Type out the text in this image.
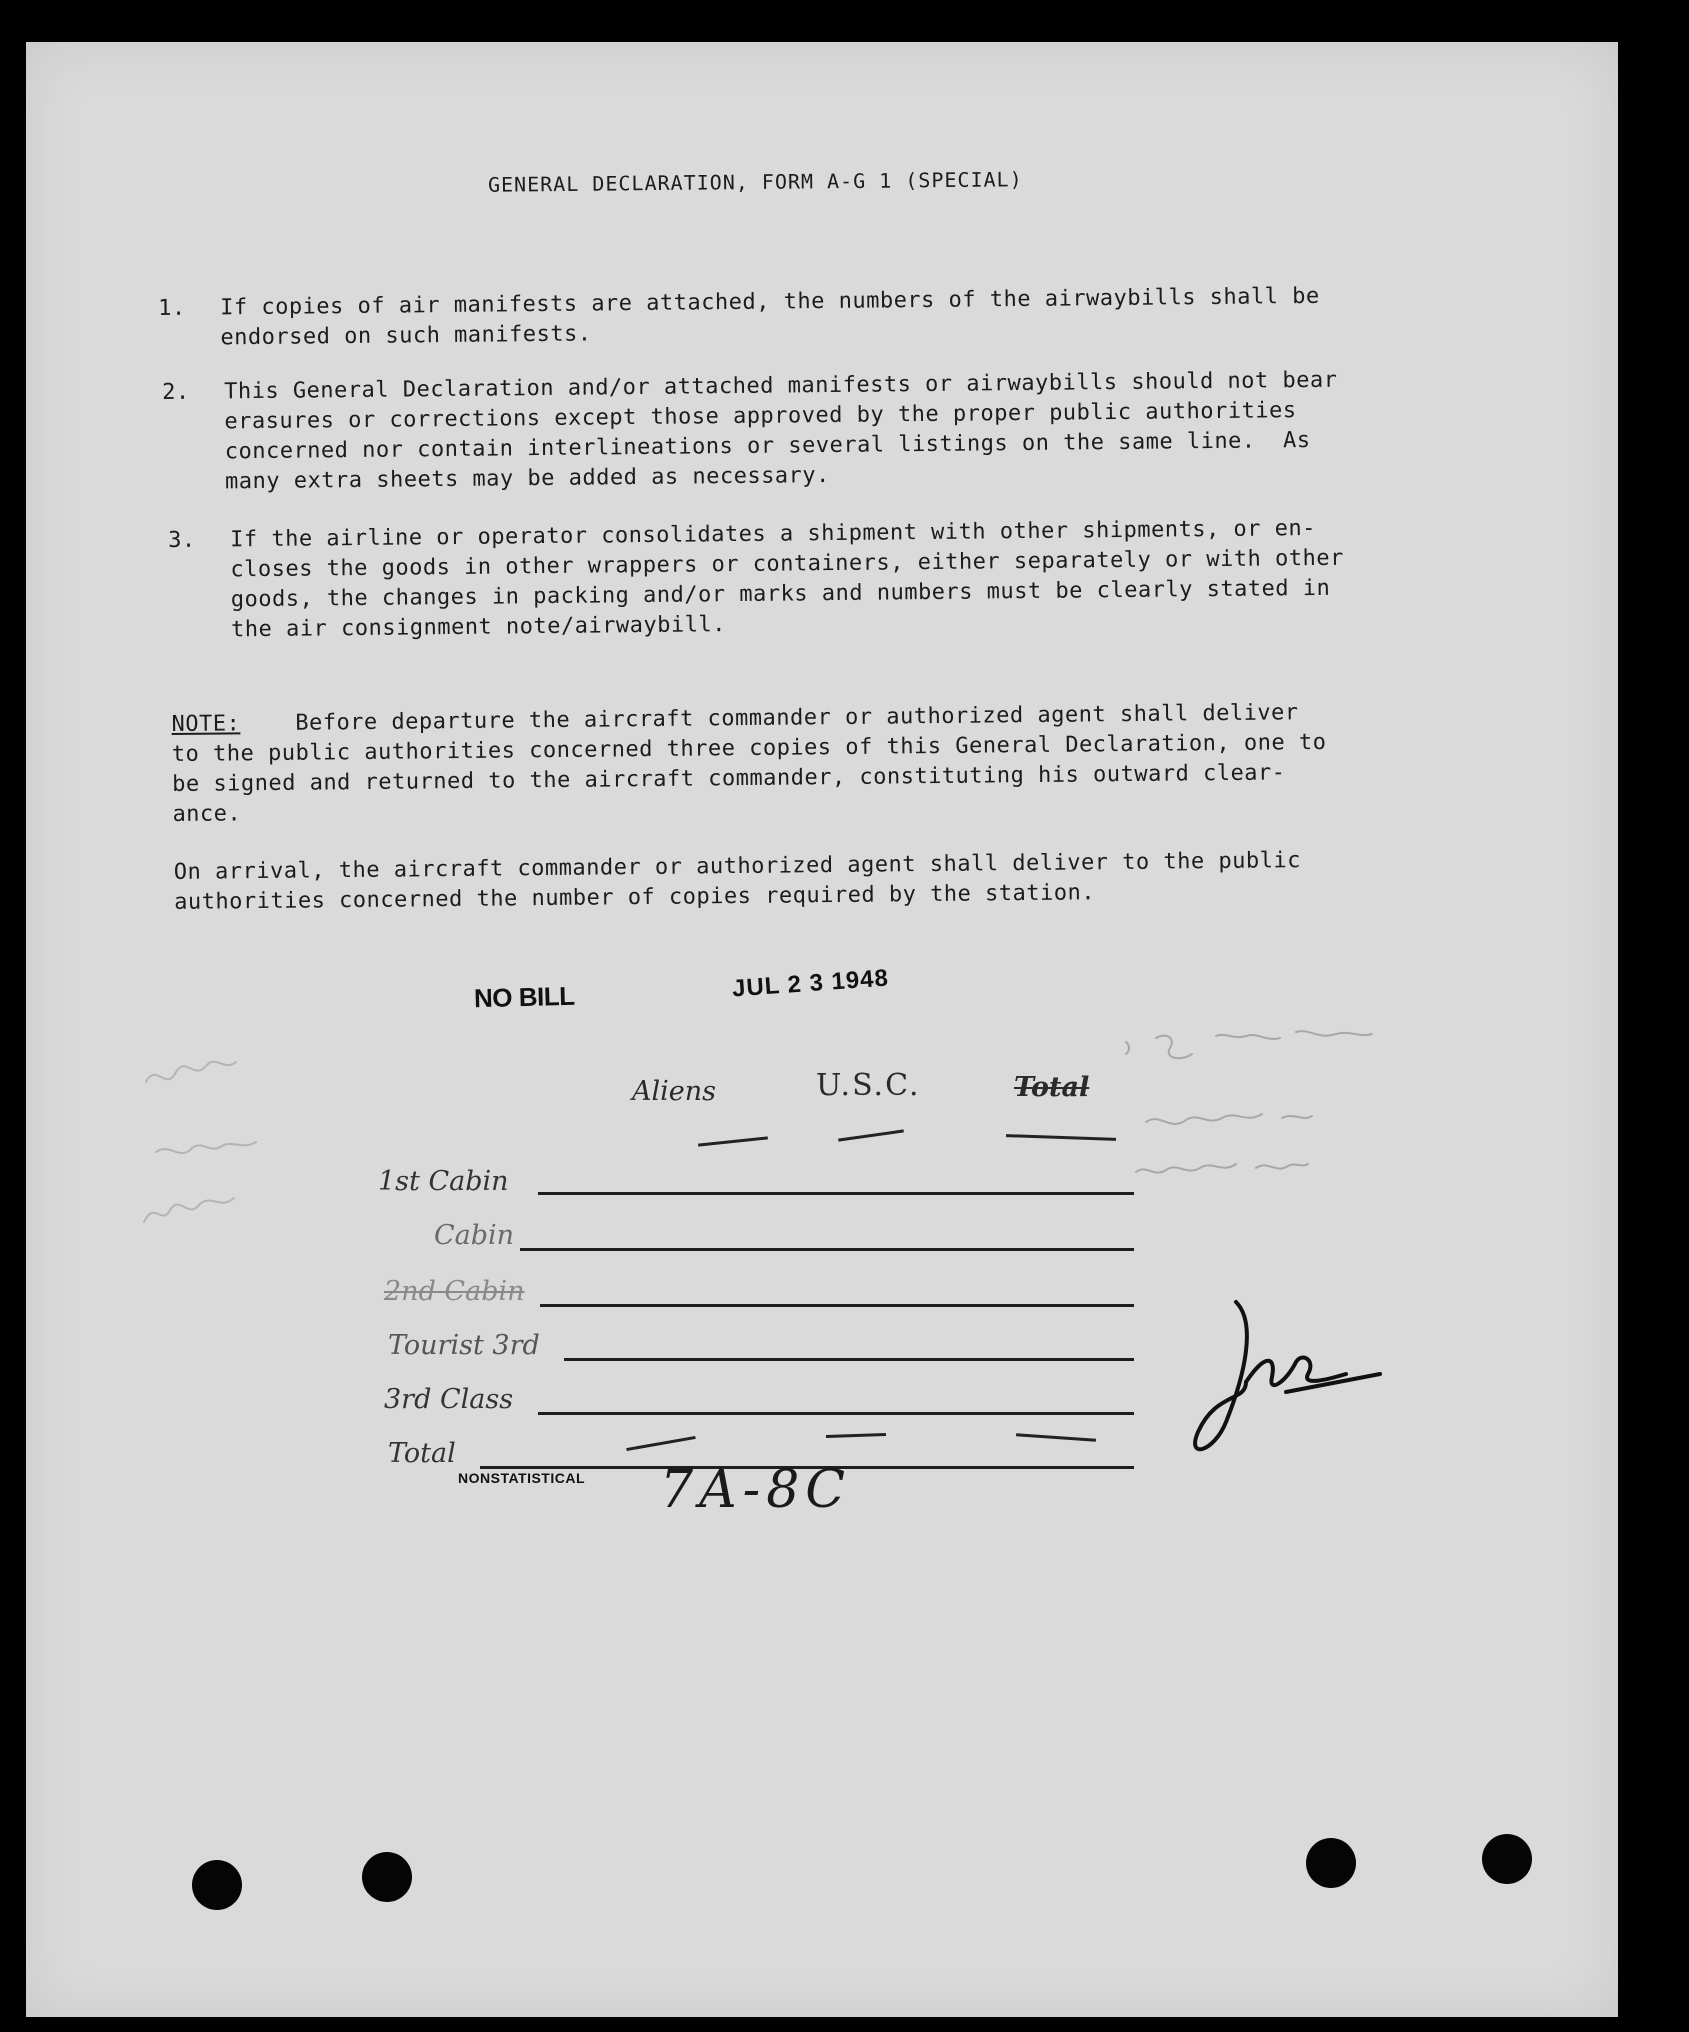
GENERAL DECLARATION, FORM A-G 1 (SPECIAL)
1. If copies of air manifests are attached, the numbers of the airwaybills shall be
endorsed on such manifests.
2. This General Declaration and/or attached manifests or airwaybills should not bear
erasures or corrections except those approved by the proper public authorities
concerned nor contain interlineations or several listings on the same line.  As
many extra sheets may be added as necessary.
3. If the airline or operator consolidates a shipment with other shipments, or en-
closes the goods in other wrappers or containers, either separately or with other
goods, the changes in packing and/or marks and numbers must be clearly stated in
the air consignment note/airwaybill.
NOTE:    Before departure the aircraft commander or authorized agent shall deliver
to the public authorities concerned three copies of this General Declaration, one to
be signed and returned to the aircraft commander, constituting his outward clear-
ance.
On arrival, the aircraft commander or authorized agent shall deliver to the public
authorities concerned the number of copies required by the station.
NO BILL	JUL 2 3 1948
Aliens	U.S.C.	Total
1st Cabin
Cabin
2nd Cabin
Tourist 3rd
3rd Class
Total
NONSTATISTICAL 7A-8C
